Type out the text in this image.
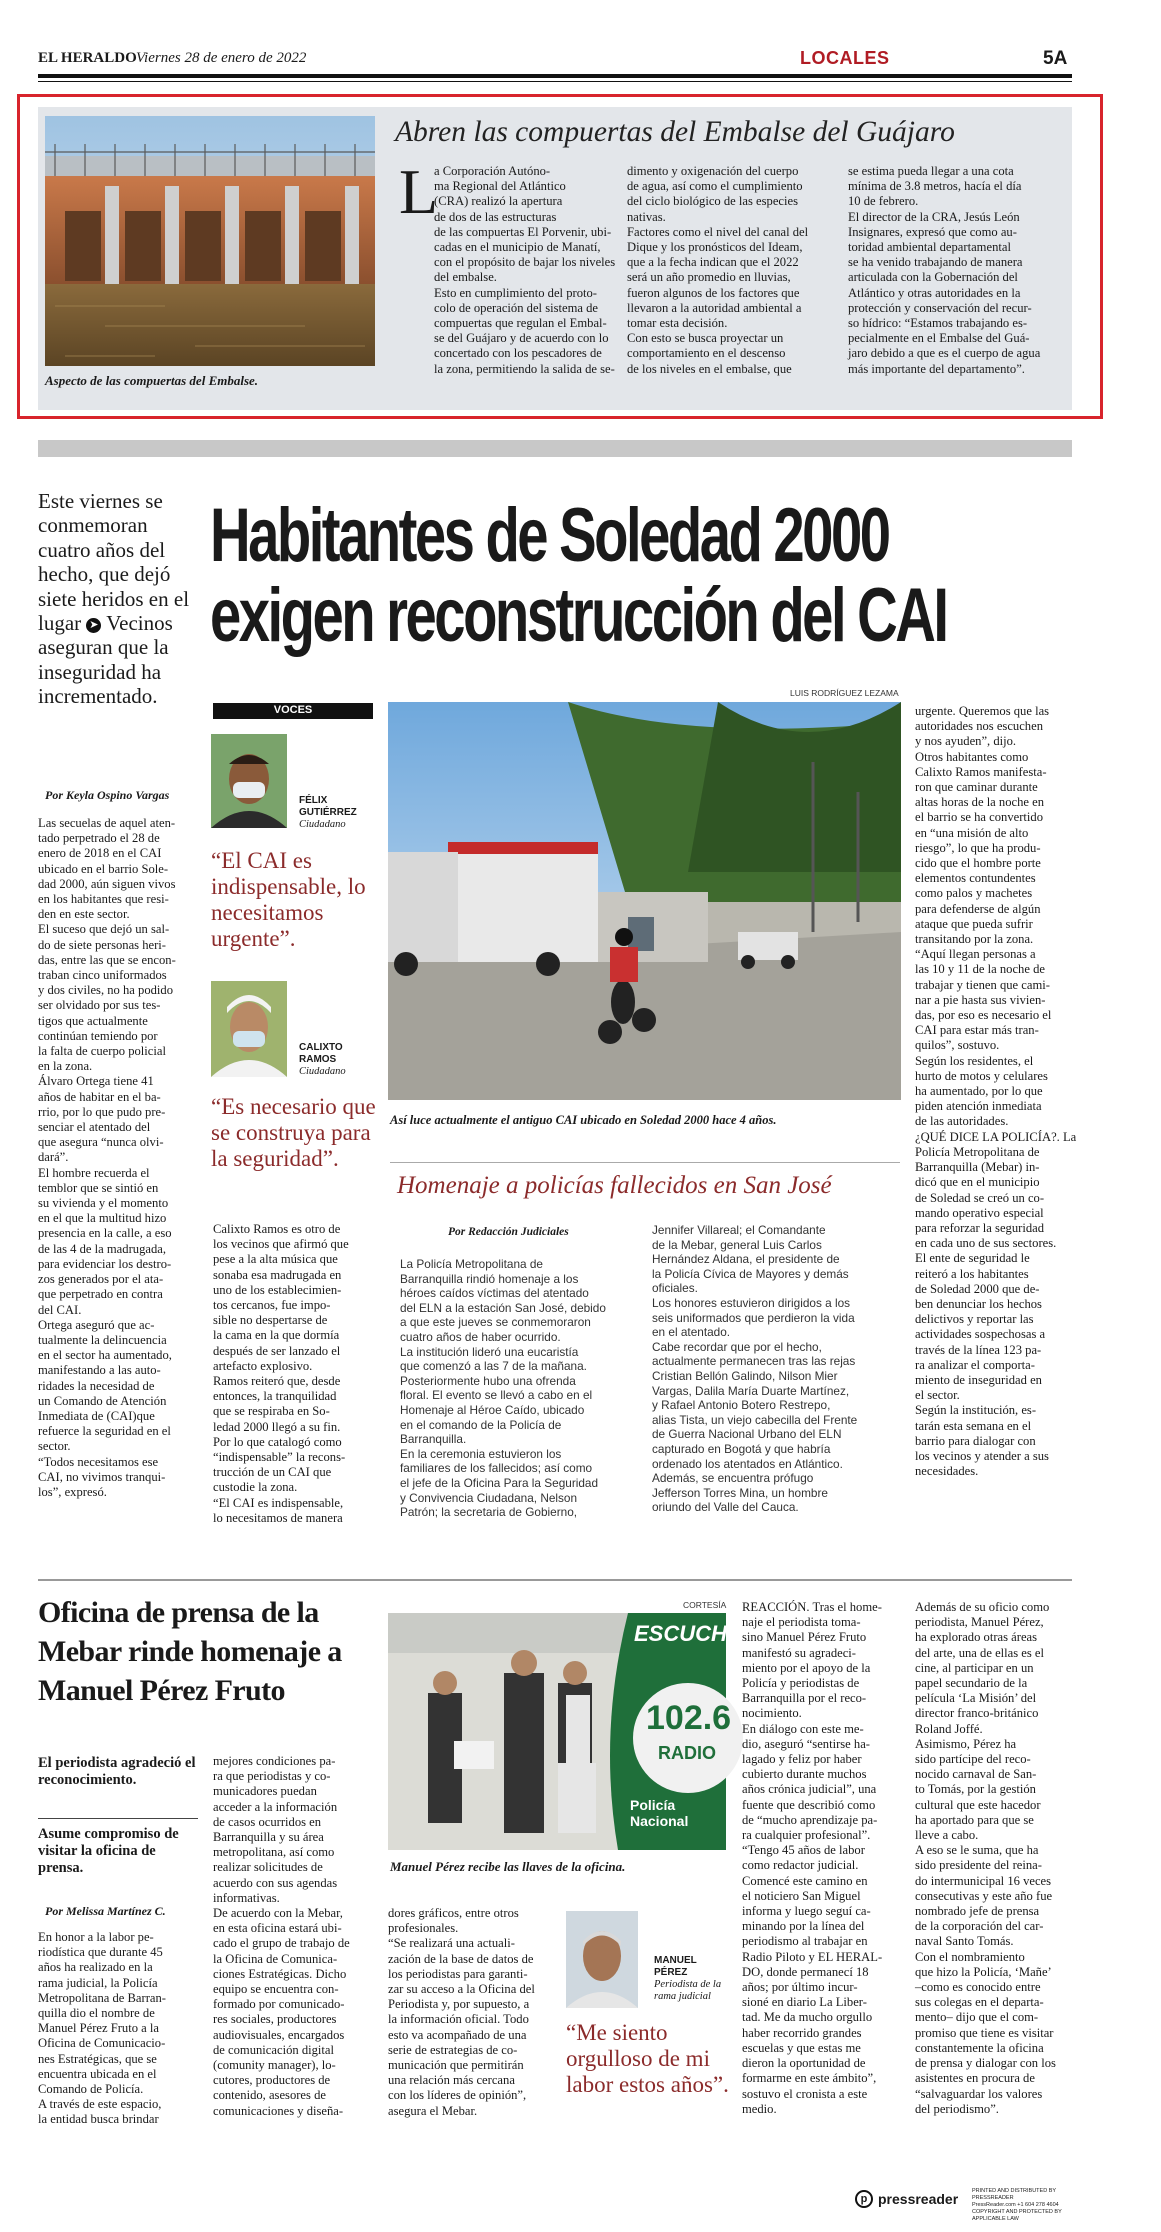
EL HERALDO Viernes 28 de enero de 2022	LOCALES	5A
Aspecto de las compuertas del Embalse.
Abren las compuertas del Embalse del Guájaro
L
a Corporación Autóno-
ma Regional del Atlántico
(CRA) realizó la apertura
de dos de las estructuras
de las compuertas El Porvenir, ubi-
cadas en el municipio de Manatí,
con el propósito de bajar los niveles
del embalse.
Esto en cumplimiento del proto-
colo de operación del sistema de
compuertas que regulan el Embal-
se del Guájaro y de acuerdo con lo
concertado con los pescadores de
la zona, permitiendo la salida de se-
dimento y oxigenación del cuerpo
de agua, así como el cumplimiento
del ciclo biológico de las especies
nativas.
Factores como el nivel del canal del
Dique y los pronósticos del Ideam,
que a la fecha indican que el 2022
será un año promedio en lluvias,
fueron algunos de los factores que
llevaron a la autoridad ambiental a
tomar esta decisión.
Con esto se busca proyectar un
comportamiento en el descenso
de los niveles en el embalse, que
se estima pueda llegar a una cota
mínima de 3.8 metros, hacía el día
10 de febrero.
El director de la CRA, Jesús León
Insignares, expresó que como au-
toridad ambiental departamental
se ha venido trabajando de manera
articulada con la Gobernación del
Atlántico y otras autoridades en la
protección y conservación del recur-
so hídrico: “Estamos trabajando es-
pecialmente en el Embalse del Guá-
jaro debido a que es el cuerpo de agua
más importante del departamento”.
Este viernes se conmemoran cuatro años del hecho, que dejó siete heridos en el lugar ➤ Vecinos aseguran que la inseguridad ha incrementado.
Habitantes de Soledad 2000
exigen reconstrucción del CAI
Por Keyla Ospino Vargas
Las secuelas de aquel aten-
tado perpetrado el 28 de
enero de 2018 en el CAI
ubicado en el barrio Sole-
dad 2000, aún siguen vivos
en los habitantes que resi-
den en este sector.
El suceso que dejó un sal-
do de siete personas heri-
das, entre las que se encon-
traban cinco uniformados
y dos civiles, no ha podido
ser olvidado por sus tes-
tigos que actualmente
continúan temiendo por
la falta de cuerpo policial
en la zona.
Álvaro Ortega tiene 41
años de habitar en el ba-
rrio, por lo que pudo pre-
senciar el atentado del
que asegura “nunca olvi-
dará”.
El hombre recuerda el
temblor que se sintió en
su vivienda y el momento
en el que la multitud hizo
presencia en la calle, a eso
de las 4 de la madrugada,
para evidenciar los destro-
zos generados por el ata-
que perpetrado en contra
del CAI.
Ortega aseguró que ac-
tualmente la delincuencia
en el sector ha aumentado,
manifestando a las auto-
ridades la necesidad de
un Comando de Atención
Inmediata de (CAI)que
refuerce la seguridad en el
sector.
“Todos necesitamos ese
CAI, no vivimos tranqui-
los”, expresó.
VOCES
FÉLIX
GUTIÉRREZ
Ciudadano
“El CAI es indispensable, lo necesitamos urgente”.
CALIXTO
RAMOS
Ciudadano
“Es necesario que se construya para la seguridad”.
Calixto Ramos es otro de
los vecinos que afirmó que
pese a la alta música que
sonaba esa madrugada en
uno de los establecimien-
tos cercanos, fue impo-
sible no despertarse de
la cama en la que dormía
después de ser lanzado el
artefacto explosivo.
Ramos reiteró que, desde
entonces, la tranquilidad
que se respiraba en So-
ledad 2000 llegó a su fin.
Por lo que catalogó como
“indispensable” la recons-
trucción de un CAI que
custodie la zona.
“El CAI es indispensable,
lo necesitamos de manera
LUIS RODRÍGUEZ LEZAMA
Así luce actualmente el antiguo CAI ubicado en Soledad 2000 hace 4 años.
urgente. Queremos que las
autoridades nos escuchen
y nos ayuden”, dijo.
Otros habitantes como
Calixto Ramos manifesta-
ron que caminar durante
altas horas de la noche en
el barrio se ha convertido
en “una misión de alto
riesgo”, lo que ha produ-
cido que el hombre porte
elementos contundentes
como palos y machetes
para defenderse de algún
ataque que pueda sufrir
transitando por la zona.
“Aquí llegan personas a
las 10 y 11 de la noche de
trabajar y tienen que cami-
nar a pie hasta sus vivien-
das, por eso es necesario el
CAI para estar más tran-
quilos”, sostuvo.
Según los residentes, el
hurto de motos y celulares
ha aumentado, por lo que
piden atención inmediata
de las autoridades.
¿QUÉ DICE LA POLICÍA?. La
Policía Metropolitana de
Barranquilla (Mebar) in-
dicó que en el municipio
de Soledad se creó un co-
mando operativo especial
para reforzar la seguridad
en cada uno de sus sectores.
El ente de seguridad le
reiteró a los habitantes
de Soledad 2000 que de-
ben denunciar los hechos
delictivos y reportar las
actividades sospechosas a
través de la línea 123 pa-
ra analizar el comporta-
miento de inseguridad en
el sector.
Según la institución, es-
tarán esta semana en el
barrio para dialogar con
los vecinos y atender a sus
necesidades.
Homenaje a policías fallecidos en San José
Por Redacción Judiciales
La Policía Metropolitana de
Barranquilla rindió homenaje a los
héroes caídos víctimas del atentado
del ELN a la estación San José, debido
a que este jueves se conmemoraron
cuatro años de haber ocurrido.
La institución lideró una eucaristía
que comenzó a las 7 de la mañana.
Posteriormente hubo una ofrenda
floral. El evento se llevó a cabo en el
Homenaje al Héroe Caído, ubicado
en el comando de la Policía de
Barranquilla.
En la ceremonia estuvieron los
familiares de los fallecidos; así como
el jefe de la Oficina Para la Seguridad
y Convivencia Ciudadana, Nelson
Patrón; la secretaria de Gobierno,
Jennifer Villareal; el Comandante
de la Mebar, general Luis Carlos
Hernández Aldana, el presidente de
la Policía Cívica de Mayores y demás
oficiales.
Los honores estuvieron dirigidos a los
seis uniformados que perdieron la vida
en el atentado.
Cabe recordar que por el hecho,
actualmente permanecen tras las rejas
Cristian Bellón Galindo, Nilson Mier
Vargas, Dalila María Duarte Martínez,
y Rafael Antonio Botero Restrepo,
alias Tista, un viejo cabecilla del Frente
de Guerra Nacional Urbano del ELN
capturado en Bogotá y que habría
ordenado los atentados en Atlántico.
Además, se encuentra prófugo
Jefferson Torres Mina, un hombre
oriundo del Valle del Cauca.
Oficina de prensa de la Mebar rinde homenaje a Manuel Pérez Fruto
El periodista agradeció el reconocimiento.
Asume compromiso de visitar la oficina de prensa.
Por Melissa Martínez C.
En honor a la labor pe-
riodística que durante 45
años ha realizado en la
rama judicial, la Policía
Metropolitana de Barran-
quilla dio el nombre de
Manuel Pérez Fruto a la
Oficina de Comunicacio-
nes Estratégicas, que se
encuentra ubicada en el
Comando de Policía.
A través de este espacio,
la entidad busca brindar
mejores condiciones pa-
ra que periodistas y co-
municadores puedan
acceder a la información
de casos ocurridos en
Barranquilla y su área
metropolitana, así como
realizar solicitudes de
acuerdo con sus agendas
informativas.
De acuerdo con la Mebar,
en esta oficina estará ubi-
cado el grupo de trabajo de
la Oficina de Comunica-
ciones Estratégicas. Dicho
equipo se encuentra con-
formado por comunicado-
res sociales, productores
audiovisuales, encargados
de comunicación digital
(comunity manager), lo-
cutores, productores de
contenido, asesores de
comunicaciones y diseña-
CORTESÍA
ESCUCHA
102.6
RADIO
Policía Nacional
Manuel Pérez recibe las llaves de la oficina.
dores gráficos, entre otros
profesionales.
“Se realizará una actuali-
zación de la base de datos de
los periodistas para garanti-
zar su acceso a la Oficina del
Periodista y, por supuesto, a
la información oficial. Todo
esto va acompañado de una
serie de estrategias de co-
municación que permitirán
una relación más cercana
con los líderes de opinión”,
asegura el Mebar.
MANUEL
PÉREZ
Periodista de la rama judicial
“Me siento orgulloso de mi labor estos años”.
REACCIÓN. Tras el home-
naje el periodista toma-
sino Manuel Pérez Fruto
manifestó su agradeci-
miento por el apoyo de la
Policía y periodistas de
Barranquilla por el reco-
nocimiento.
En diálogo con este me-
dio, aseguró “sentirse ha-
lagado y feliz por haber
cubierto durante muchos
años crónica judicial”, una
fuente que describió como
de “mucho aprendizaje pa-
ra cualquier profesional”.
“Tengo 45 años de labor
como redactor judicial.
Comencé este camino en
el noticiero San Miguel
informa y luego seguí ca-
minando por la línea del
periodismo al trabajar en
Radio Piloto y EL HERAL-
DO, donde permanecí 18
años; por último incur-
sioné en diario La Liber-
tad. Me da mucho orgullo
haber recorrido grandes
escuelas y que estas me
dieron la oportunidad de
formarme en este ámbito”,
sostuvo el cronista a este
medio.
Además de su oficio como
periodista, Manuel Pérez,
ha explorado otras áreas
del arte, una de ellas es el
cine, al participar en un
papel secundario de la
película ‘La Misión’ del
director franco-británico
Roland Joffé.
Asimismo, Pérez ha
sido partícipe del reco-
nocido carnaval de San-
to Tomás, por la gestión
cultural que este hacedor
ha aportado para que se
lleve a cabo.
A eso se le suma, que ha
sido presidente del reina-
do intermunicipal 16 veces
consecutivas y este año fue
nombrado jefe de prensa
de la corporación del car-
naval Santo Tomás.
Con el nombramiento
que hizo la Policía, ‘Mañe’
–como es conocido entre
sus colegas en el departa-
mento– dijo que el com-
promiso que tiene es visitar
constantemente la oficina
de prensa y dialogar con los
asistentes en procura de
“salvaguardar los valores
del periodismo”.
p pressreader	PRINTED AND DISTRIBUTED BY PRESSREADER
PressReader.com +1 604 278 4604
COPYRIGHT AND PROTECTED BY APPLICABLE LAW
